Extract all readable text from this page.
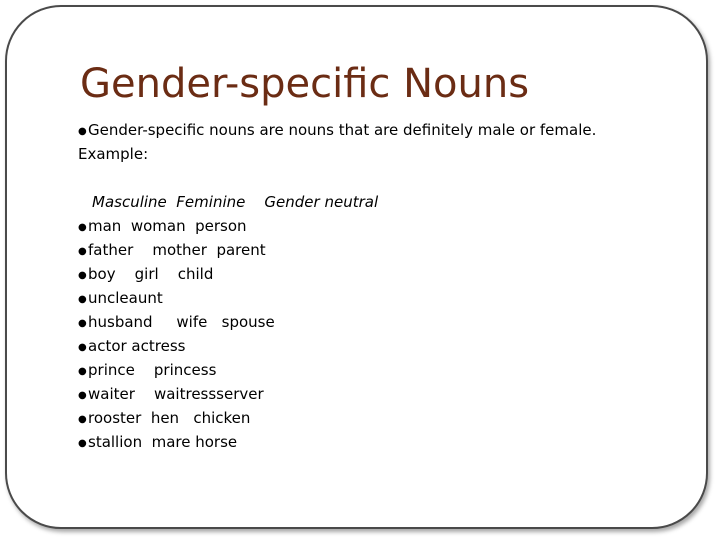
Gender-specific Nouns
●Gender-specific nouns are nouns that are definitely male or female.
Example:
Masculine  Feminine    Gender neutral
●man  woman  person
●father    mother  parent
●boy    girl    child
●uncleaunt
●husband     wife   spouse
●actor actress
●prince    princess
●waiter    waitressserver
●rooster  hen   chicken
●stallion  mare horse
